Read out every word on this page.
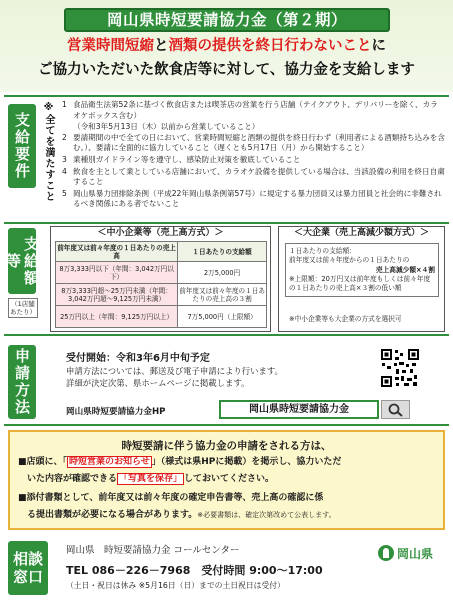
岡山県時短要請協力金（第２期）
営業時間短縮と酒類の提供を終日行わないことに
ご協力いただいた飲食店等に対して、協力金を支給します
支給要件 ※全てを満たすこと 1 食品衛生法第52条に基づく飲食店または喫茶店の営業を行う店舗（テイクアウト、デリバリーを除く、カラオケボックス含む）
（令和3年5月13日（木）以前から営業していること）
2 要請期間の中で全ての日において、営業時間短縮と酒類の提供を終日行わず（利用者による酒類持ち込みを含む。）、要請に全面的に協力していること（遅くとも5月17日（月）から開始すること）
3 業種別ガイドライン等を遵守し、感染防止対策を徹底していること
4 飲食を主として業としている店舗において、カラオケ設備を提供している場合は、当該設備の利用を終日自粛すること
5 岡山県暴力団排除条例（平成22年岡山県条例第57号）に規定する暴力団員又は暴力団員と社会的に非難されるべき関係にある者でないこと
支給額等
（1店舗あたり）
＜中小企業等（売上高方式）＞
前年度又は前々年度の１日あたりの売上高	１日あたりの支給額
8万3,333円以下（年間：3,042万円以下）	2万5,000円
8万3,333円超〜25万円未満（年間：3,042万円超〜9,125万円未満）	前年度又は前々年度の１日あたりの売上高の３割
25万円以上（年間：9,125万円以上）	7万5,000円（上限額）
＜大企業（売上高減少額方式）＞
１日あたりの支給額：
前年度又は前々年度からの１日あたりの
売上高減少額×４割
※上限額：20万円又は前年度もしくは前々年度
の１日あたりの売上高×３割の低い額
※中小企業等も大企業の方式を選択可
申請方法	受付開始：令和3年6月中旬予定
申請方法については、郵送及び電子申請により行います。
詳細が決定次第、県ホームページに掲載します。
岡山県時短要請協力金HP	岡山県時短要請協力金
時短要請に伴う協力金の申請をされる方は、
■店頭に、「 時短営業のお知らせ 」（様式は県HPに掲載）を掲示し、協力いただ
いた内容が確認できる 「写真を保存」 しておいてください。
■添付書類として、前年度又は前々年度の確定申告書等、売上高の確認に係
る提出書類が必要になる場合があります。※必要書類は、確定次第改めて公表します。
相談窓口
岡山県　時短要請協力金 コールセンター
TEL 086－226－7968　受付時間 9:00～17:00
（土日・祝日は休み ※5月16日（日）までの土日祝日は受付）
岡山県
